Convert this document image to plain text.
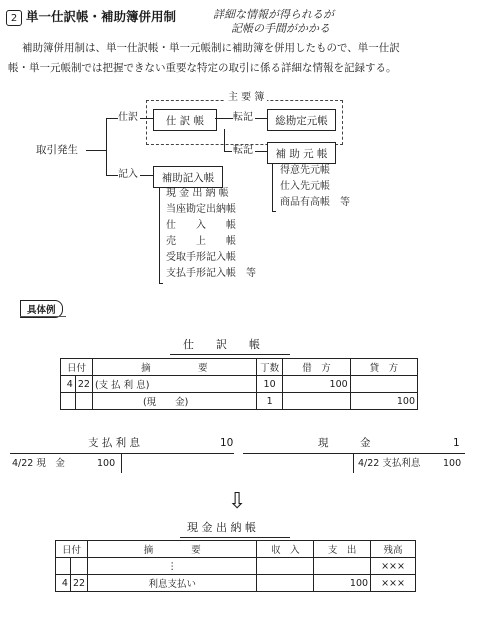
2 単一仕訳帳・補助簿併用制	詳細な情報が得られるが
記帳の手間がかかる
補助簿併用制は、単一仕訳帳・単一元帳制に補助簿を併用したもので、単一仕訳
帳・単一元帳制では把握できない重要な特定の取引に係る詳細な情報を記録する。
主 要 簿
仕 訳 帳	総勘定元帳
補 助 元 帳
補助記入帳
取引発生
仕訳
記入
転記
転記
得意先元帳
仕入先元帳
商品有高帳　等
現 金 出 納 帳
当座勘定出納帳
仕　　入　　帳
売　　上　　帳
受取手形記入帳
支払手形記入帳　等
具体例
仕　　訳　　帳
日付		摘　　　　　要	丁数	借　方	貸　方
4	22	(支 払 利 息)	10	100	
		(現　　金)	1		100
支 払 利 息	10
4/22 現　金	100
現　　　金	1
4/22 支払利息 100
⇩
現 金 出 納 帳
日付		摘　　　　要	収　入	支　出	残高
		⋮			×××
4	22	利息支払い		100	×××
